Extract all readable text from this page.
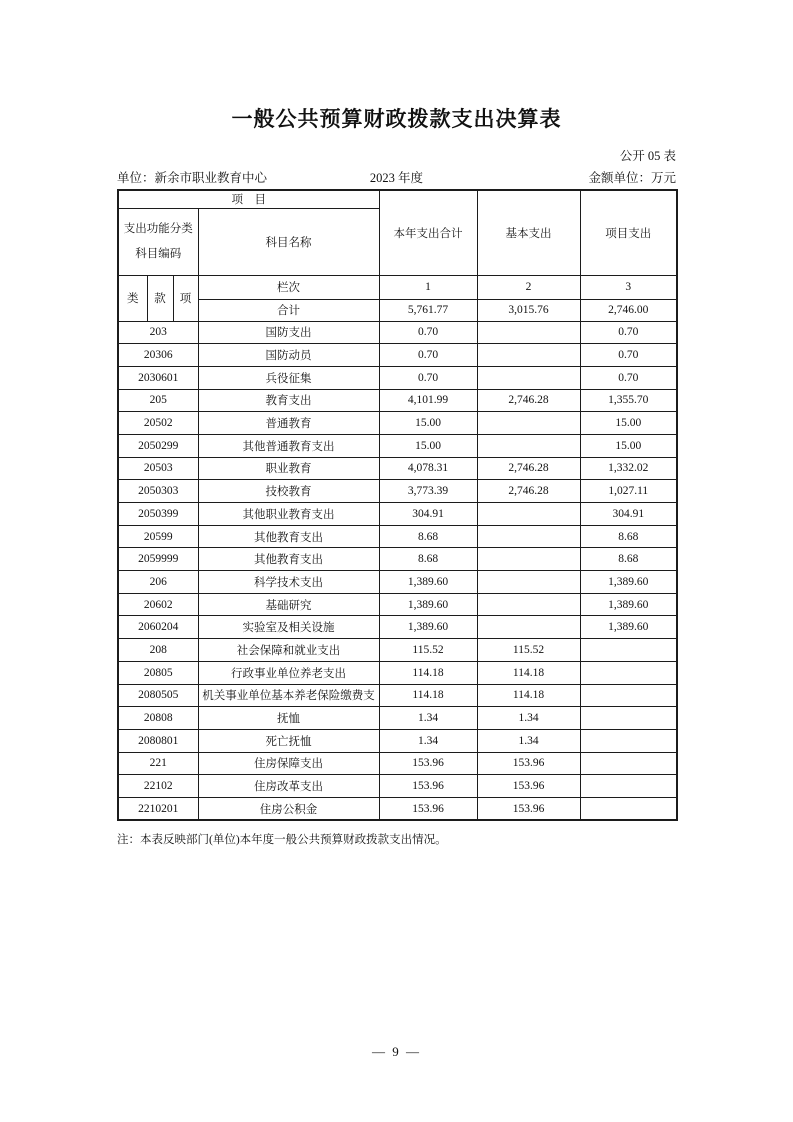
一般公共预算财政拨款支出决算表
公开 05 表
单位：新余市职业教育中心	2023 年度	金额单位：万元
项　目				本年支出合计	基本支出	项目支出

支出功能分类
科目编码			科目名称			
类	款	项	栏次	1	2	3
			合计	5,761.77	3,015.76	2,746.00
203			国防支出	0.70		0.70
20306			国防动员	0.70		0.70
2030601			兵役征集	0.70		0.70
205			教育支出	4,101.99	2,746.28	1,355.70
20502			普通教育	15.00		15.00
2050299			其他普通教育支出	15.00		15.00
20503			职业教育	4,078.31	2,746.28	1,332.02
2050303			技校教育	3,773.39	2,746.28	1,027.11
2050399			其他职业教育支出	304.91		304.91
20599			其他教育支出	8.68		8.68
2059999			其他教育支出	8.68		8.68
206			科学技术支出	1,389.60		1,389.60
20602			基础研究	1,389.60		1,389.60
2060204			实验室及相关设施	1,389.60		1,389.60
208			社会保障和就业支出	115.52	115.52	
20805			行政事业单位养老支出	114.18	114.18	
2080505			机关事业单位基本养老保险缴费支	114.18	114.18	
20808			抚恤	1.34	1.34	
2080801			死亡抚恤	1.34	1.34	
221			住房保障支出	153.96	153.96	
22102			住房改革支出	153.96	153.96	
2210201			住房公积金	153.96	153.96	
注：本表反映部门(单位)本年度一般公共预算财政拨款支出情况。
— 9 —
